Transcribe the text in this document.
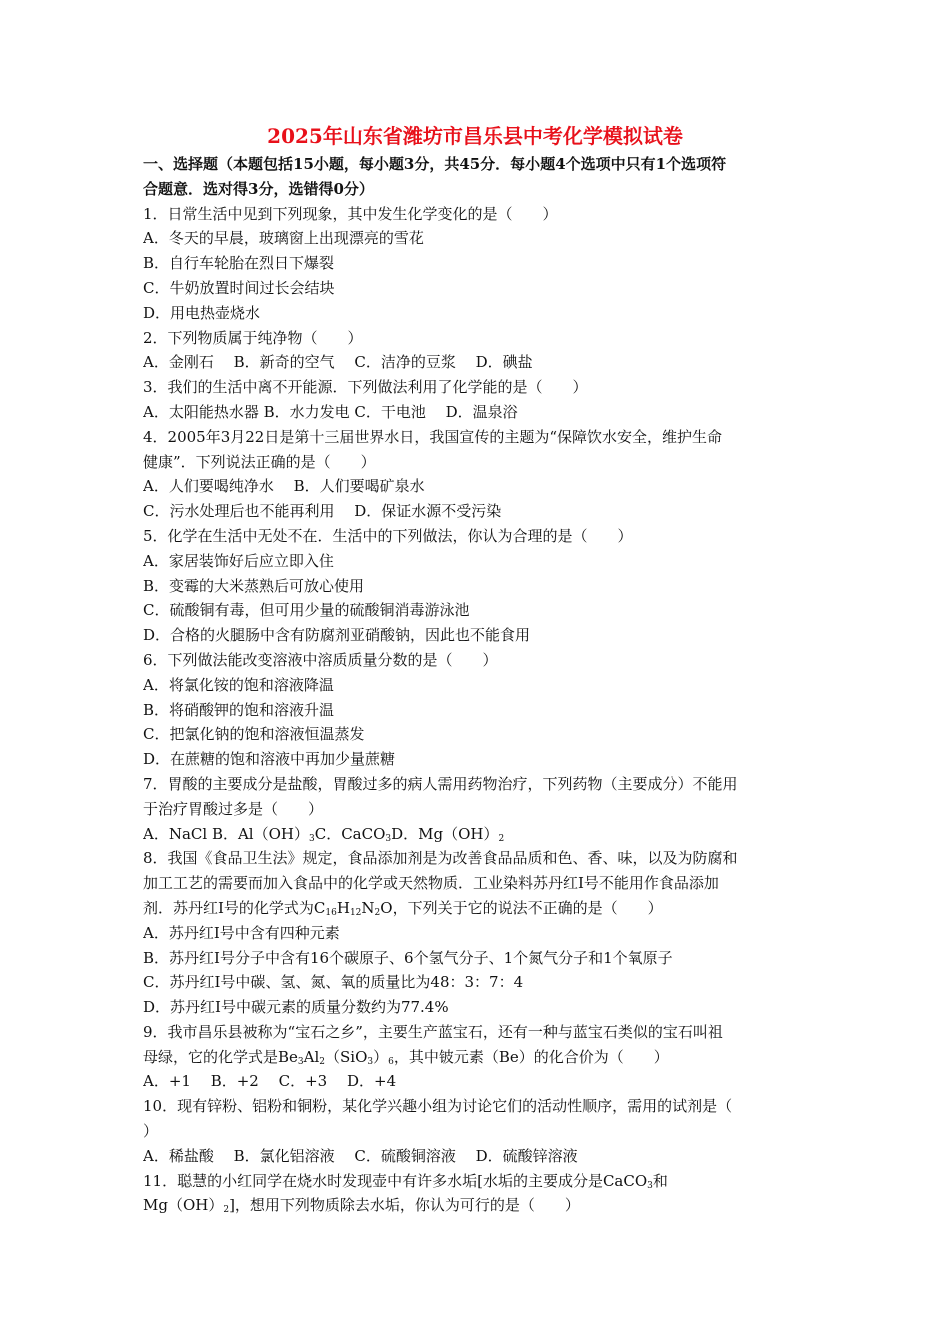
2025年山东省潍坊市昌乐县中考化学模拟试卷
一、选择题（本题包括15小题，每小题3分，共45分．每小题4个选项中只有1个选项符
合题意．选对得3分，选错得0分）
1．日常生活中见到下列现象，其中发生化学变化的是（　　）
A．冬天的早晨，玻璃窗上出现漂亮的雪花
B．自行车轮胎在烈日下爆裂
C．牛奶放置时间过长会结块
D．用电热壶烧水
2．下列物质属于纯净物（　　）
A．金刚石　 B．新奇的空气　 C．洁净的豆浆　 D．碘盐
3．我们的生活中离不开能源．下列做法利用了化学能的是（　　）
A．太阳能热水器 B．水力发电 C．干电池　 D．温泉浴
4．2005年3月22日是第十三届世界水日，我国宣传的主题为“保障饮水安全，维护生命
健康”．下列说法正确的是（　　）
A．人们要喝纯净水　 B．人们要喝矿泉水
C．污水处理后也不能再利用　 D．保证水源不受污染
5．化学在生活中无处不在．生活中的下列做法，你认为合理的是（　　）
A．家居装饰好后应立即入住
B．变霉的大米蒸熟后可放心使用
C．硫酸铜有毒，但可用少量的硫酸铜消毒游泳池
D．合格的火腿肠中含有防腐剂亚硝酸钠，因此也不能食用
6．下列做法能改变溶液中溶质质量分数的是（　　）
A．将氯化铵的饱和溶液降温
B．将硝酸钾的饱和溶液升温
C．把氯化钠的饱和溶液恒温蒸发
D．在蔗糖的饱和溶液中再加少量蔗糖
7．胃酸的主要成分是盐酸，胃酸过多的病人需用药物治疗，下列药物（主要成分）不能用
于治疗胃酸过多是（　　）
A．NaCl B．$Al(OH)_3C$．CaCO$_3$D．$Mg(OH)_2$
8．我国《食品卫生法》规定，食品添加剂是为改善食品品质和色、香、味，以及为防腐和
加工工艺的需要而加入食品中的化学或天然物质．工业染料苏丹红Ⅰ号不能用作食品添加
剂．苏丹红Ⅰ号的化学式为$C_{16}H_{12}N_2O$，下列关于它的说法不正确的是（　　）
A．苏丹红Ⅰ号中含有四种元素
B．苏丹红Ⅰ号分子中含有16个碳原子、6个氢气分子、1个氮气分子和1个氧原子
C．苏丹红Ⅰ号中碳、氢、氮、氧的质量比为48：3：7：4
D．苏丹红Ⅰ号中碳元素的质量分数约为77.4%
9．我市昌乐县被称为“宝石之乡”，主要生产蓝宝石，还有一种与蓝宝石类似的宝石叫祖
母绿，它的化学式是$Be_3Al_2(SiO_3)_6$，其中铍元素（Be）的化合价为（　　）
A．+1　 B．+2　 C．+3　 D．+4
10．现有锌粉、铝粉和铜粉，某化学兴趣小组为讨论它们的活动性顺序，需用的试剂是（
）
A．稀盐酸　 B．氯化铝溶液　 C．硫酸铜溶液　 D．硫酸锌溶液
11．聪慧的小红同学在烧水时发现壶中有许多水垢[水垢的主要成分是CaCO$_3$和
$Mg(OH)_2$]，想用下列物质除去水垢，你认为可行的是（　　）
